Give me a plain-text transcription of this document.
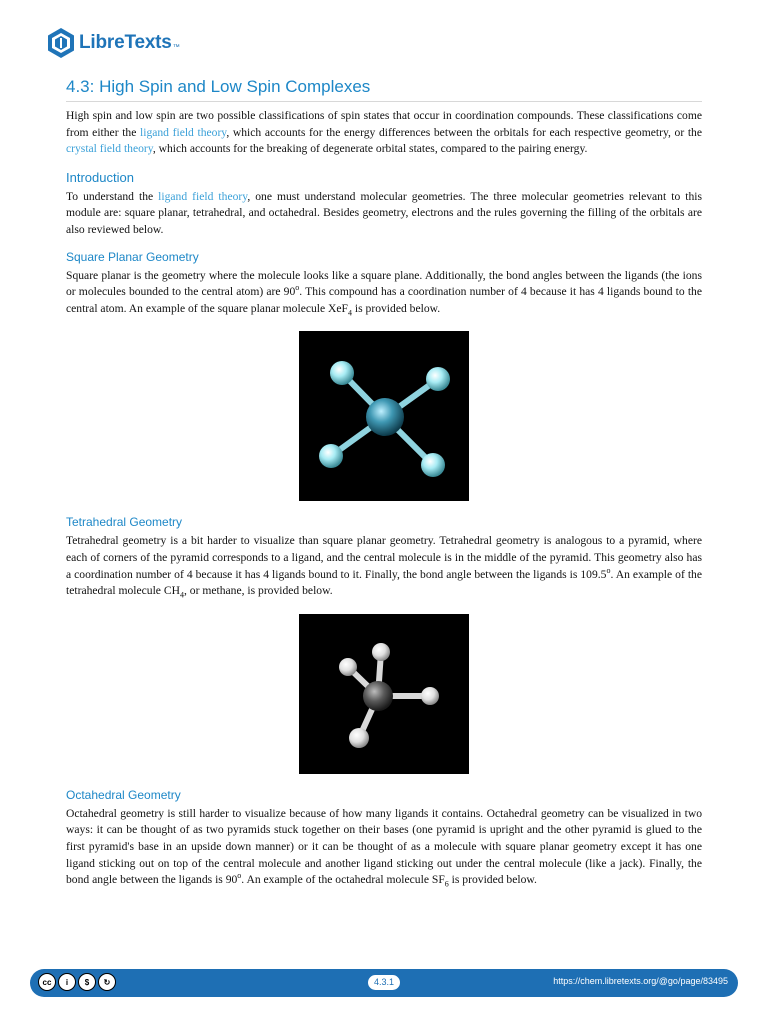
LibreTexts ™
4.3: High Spin and Low Spin Complexes

High spin and low spin are two possible classifications of spin states that occur in coordination compounds. These classifications come from either the ligand field theory, which accounts for the energy differences between the orbitals for each respective geometry, or the crystal field theory, which accounts for the breaking of degenerate orbital states, compared to the pairing energy.

Introduction

To understand the ligand field theory, one must understand molecular geometries. The three molecular geometries relevant to this module are: square planar, tetrahedral, and octahedral. Besides geometry, electrons and the rules governing the filling of the orbitals are also reviewed below.

Square Planar Geometry

Square planar is the geometry where the molecule looks like a square plane. Additionally, the bond angles between the ligands (the ions or molecules bounded to the central atom) are 90$^o$. This compound has a coordination number of 4 because it has 4 ligands bound to the central atom. An example of the square planar molecule XeF$_4$ is provided below.

Tetrahedral Geometry

Tetrahedral geometry is a bit harder to visualize than square planar geometry. Tetrahedral geometry is analogous to a pyramid, where each of corners of the pyramid corresponds to a ligand, and the central molecule is in the middle of the pyramid. This geometry also has a coordination number of 4 because it has 4 ligands bound to it. Finally, the bond angle between the ligands is 109.5$^o$. An example of the tetrahedral molecule $CH_4$, or methane, is provided below.

Octahedral Geometry

Octahedral geometry is still harder to visualize because of how many ligands it contains. Octahedral geometry can be visualized in two ways: it can be thought of as two pyramids stuck together on their bases (one pyramid is upright and the other pyramid is glued to the first pyramid's base in an upside down manner) or it can be thought of as a molecule with square planar geometry except it has one ligand sticking out on top of the central molecule and another ligand sticking out under the central molecule (like a jack). Finally, the bond angle between the ligands is 90$^o$. An example of the octahedral molecule $SF_6$ is provided below.

cc	i	$	↻	4.3.1	https://chem.libretexts.org/@go/page/83495
